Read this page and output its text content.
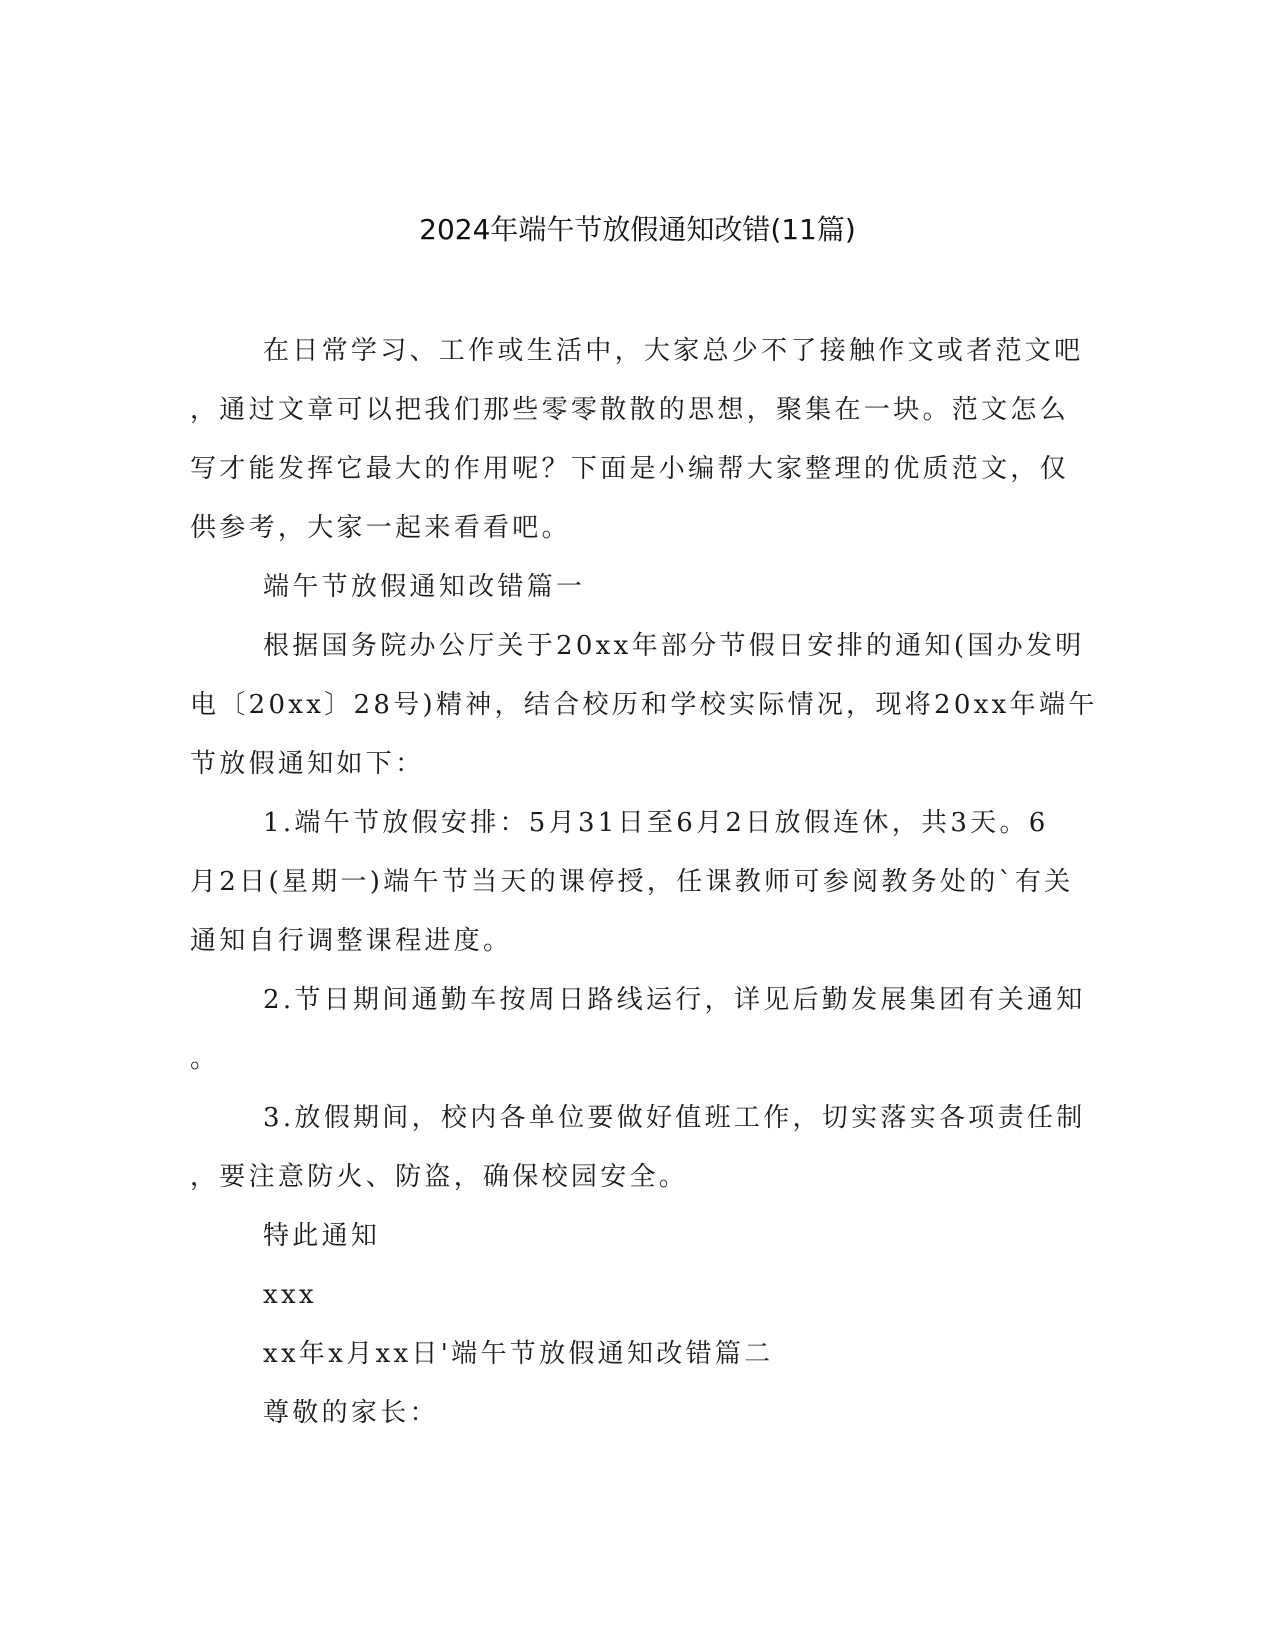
2024年端午节放假通知改错(11篇)
在日常学习、工作或生活中，大家总少不了接触作文或者范文吧
，通过文章可以把我们那些零零散散的思想，聚集在一块。范文怎么
写才能发挥它最大的作用呢？下面是小编帮大家整理的优质范文，仅
供参考，大家一起来看看吧。
端午节放假通知改错篇一
根据国务院办公厅关于20xx年部分节假日安排的通知(国办发明
电〔20xx〕28号)精神，结合校历和学校实际情况，现将20xx年端午
节放假通知如下：
1.端午节放假安排：5月31日至6月2日放假连休，共3天。6
月2日(星期一)端午节当天的课停授，任课教师可参阅教务处的`有关
通知自行调整课程进度。
2.节日期间通勤车按周日路线运行，详见后勤发展集团有关通知
。
3.放假期间，校内各单位要做好值班工作，切实落实各项责任制
，要注意防火、防盗，确保校园安全。
特此通知
xxx
xx年x月xx日'端午节放假通知改错篇二
尊敬的家长：
